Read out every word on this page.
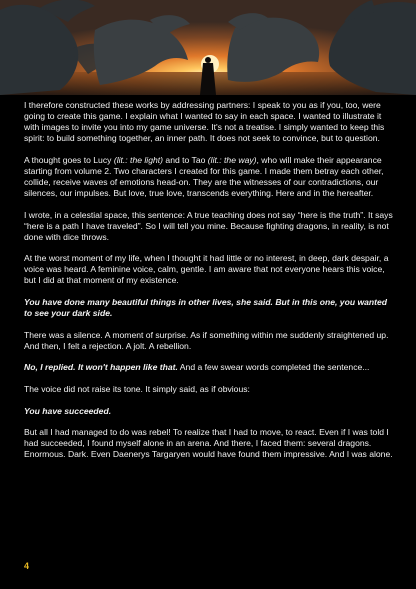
I therefore constructed these works by addressing partners: I speak to you as if you, too, were going to create this game. I explain what I wanted to say in each space. I wanted to illustrate it with images to invite you into my game universe. It's not a treatise. I simply wanted to keep this spirit: to build something together, an inner path. It does not seek to convince, but to question.

A thought goes to Lucy (lit.: the light) and to Tao (lit.: the way), who will make their appearance starting from volume 2. Two characters I created for this game. I made them betray each other, collide, receive waves of emotions head-on. They are the witnesses of our contradictions, our silences, our impulses. But love, true love, transcends everything. Here and in the hereafter.

I wrote, in a celestial space, this sentence: A true teaching does not say “here is the truth”. It says “here is a path I have traveled”. So I will tell you mine. Because fighting dragons, in reality, is not done with dice throws.

At the worst moment of my life, when I thought it had little or no interest, in deep, dark despair, a voice was heard. A feminine voice, calm, gentle. I am aware that not everyone hears this voice, but I did at that moment of my existence.

You have done many beautiful things in other lives, she said. But in this one, you wanted to see your dark side.

There was a silence. A moment of surprise. As if something within me suddenly straightened up. And then, I felt a rejection. A jolt. A rebellion.

No, I replied. It won't happen like that. And a few swear words completed the sentence...

The voice did not raise its tone. It simply said, as if obvious:

You have succeeded.

But all I had managed to do was rebel! To realize that I had to move, to react. Even if I was told I had succeeded, I found myself alone in an arena. And there, I faced them: several dragons. Enormous. Dark. Even Daenerys Targaryen would have found them impressive. And I was alone.

4
